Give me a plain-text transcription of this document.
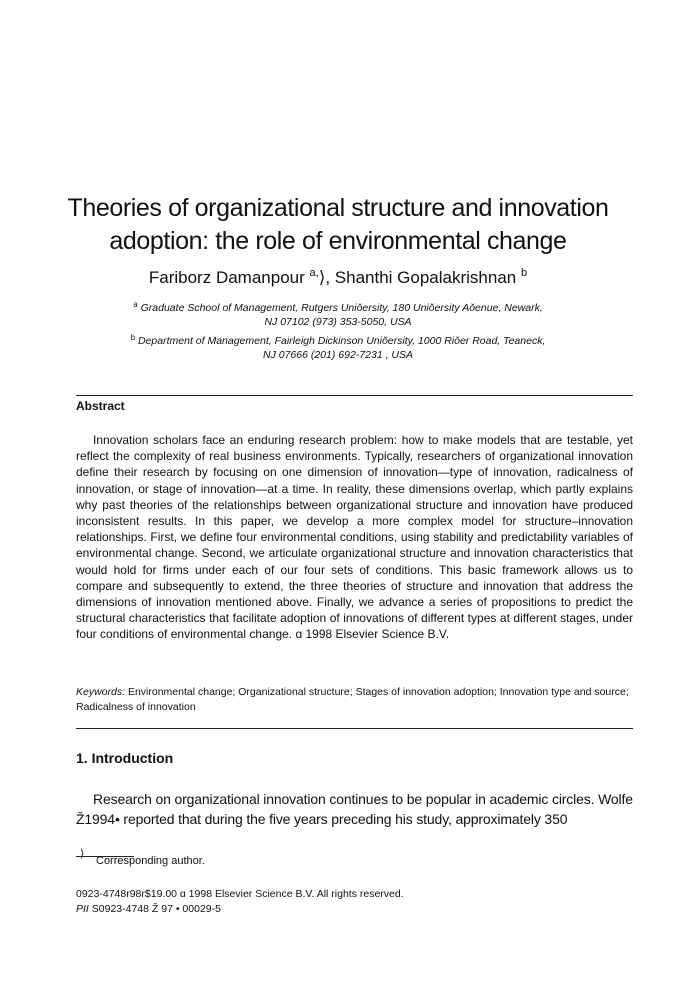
Theories of organizational structure and innovation
adoption: the role of environmental change
Fariborz Damanpour $^{a,}$⟩, Shanthi Gopalakrishnan $^b$
$^a$ Graduate School of Management, Rutgers Uniǒersity, 180 Uniǒersity Aǒenue, Newark,
NJ 07102 (973) 353-5050, USA
$^b$ Department of Management, Fairleigh Dickinson Uniǒersity, 1000 Riǒer Road, Teaneck,
NJ 07666 (201) 692-7231 , USA
Abstract
Innovation scholars face an enduring research problem: how to make models that are testable, yet reflect the complexity of real business environments. Typically, researchers of organizational innovation define their research by focusing on one dimension of innovation—type of innovation, radicalness of innovation, or stage of innovation—at a time. In reality, these dimensions overlap, which partly explains why past theories of the relationships between organizational structure and innovation have produced inconsistent results. In this paper, we develop a more complex model for structure–innovation relationships. First, we define four environmental conditions, using stability and predictability variables of environmental change. Second, we articulate organizational structure and innovation characteristics that would hold for firms under each of our four sets of conditions. This basic framework allows us to compare and subsequently to extend, the three theories of structure and innovation that address the dimensions of innovation mentioned above. Finally, we advance a series of propositions to predict the structural characteristics that facilitate adoption of innovations of different types at different stages, under four conditions of environmental change. ɑ 1998 Elsevier Science B.V.
Keywords: Environmental change; Organizational structure; Stages of innovation adoption; Innovation type and source; Radicalness of innovation
1. Introduction
Research on organizational innovation continues to be popular in academic circles. Wolfe Ž1994• reported that during the five years preceding his study, approximately 350
⟩
Corresponding author.
0923-4748r98r$19.00 ɑ 1998 Elsevier Science B.V. All rights reserved.
PII S0923-4748 Ž 97 • 00029-5
